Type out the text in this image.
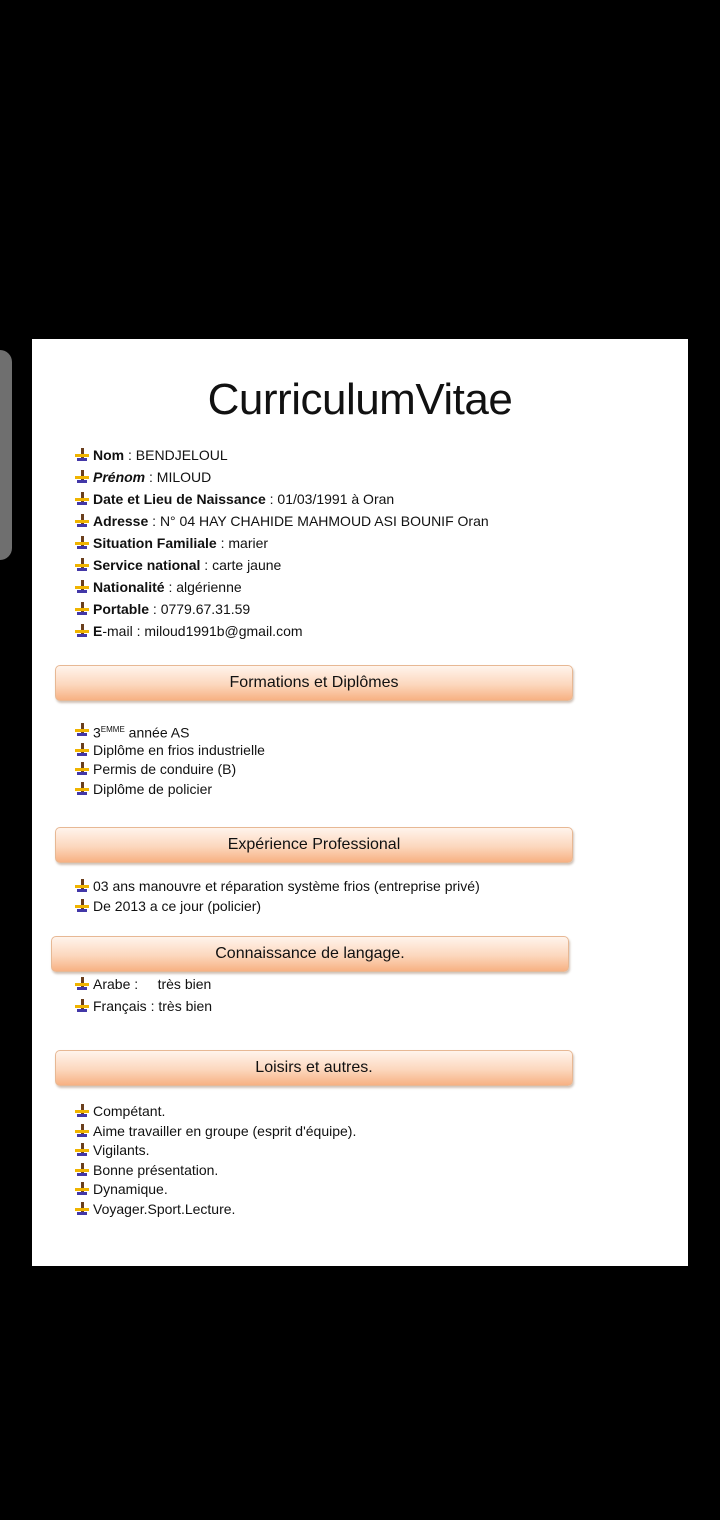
CurriculumVitae
Nom : BENDJELOUL
Prénom : MILOUD
Date et Lieu de Naissance : 01/03/1991 à Oran
Adresse : N° 04 HAY CHAHIDE MAHMOUD ASI BOUNIF Oran
Situation Familiale : marier
Service national : carte jaune
Nationalité : algérienne
Portable : 0779.67.31.59
E-mail : miloud1991b@gmail.com
Formations et Diplômes
$3^{EMME}$ année AS
Diplôme en frios industrielle
Permis de conduire (B)
Diplôme de policier
Expérience Professional
03 ans manouvre et réparation système frios (entreprise privé)
De 2013 a ce jour (policier)
Connaissance de langage.
Arabe :     très bien
Français : très bien
Loisirs et autres.
Compétant.
Aime travailler en groupe (esprit d'équipe).
Vigilants.
Bonne présentation.
Dynamique.
Voyager.Sport.Lecture.
